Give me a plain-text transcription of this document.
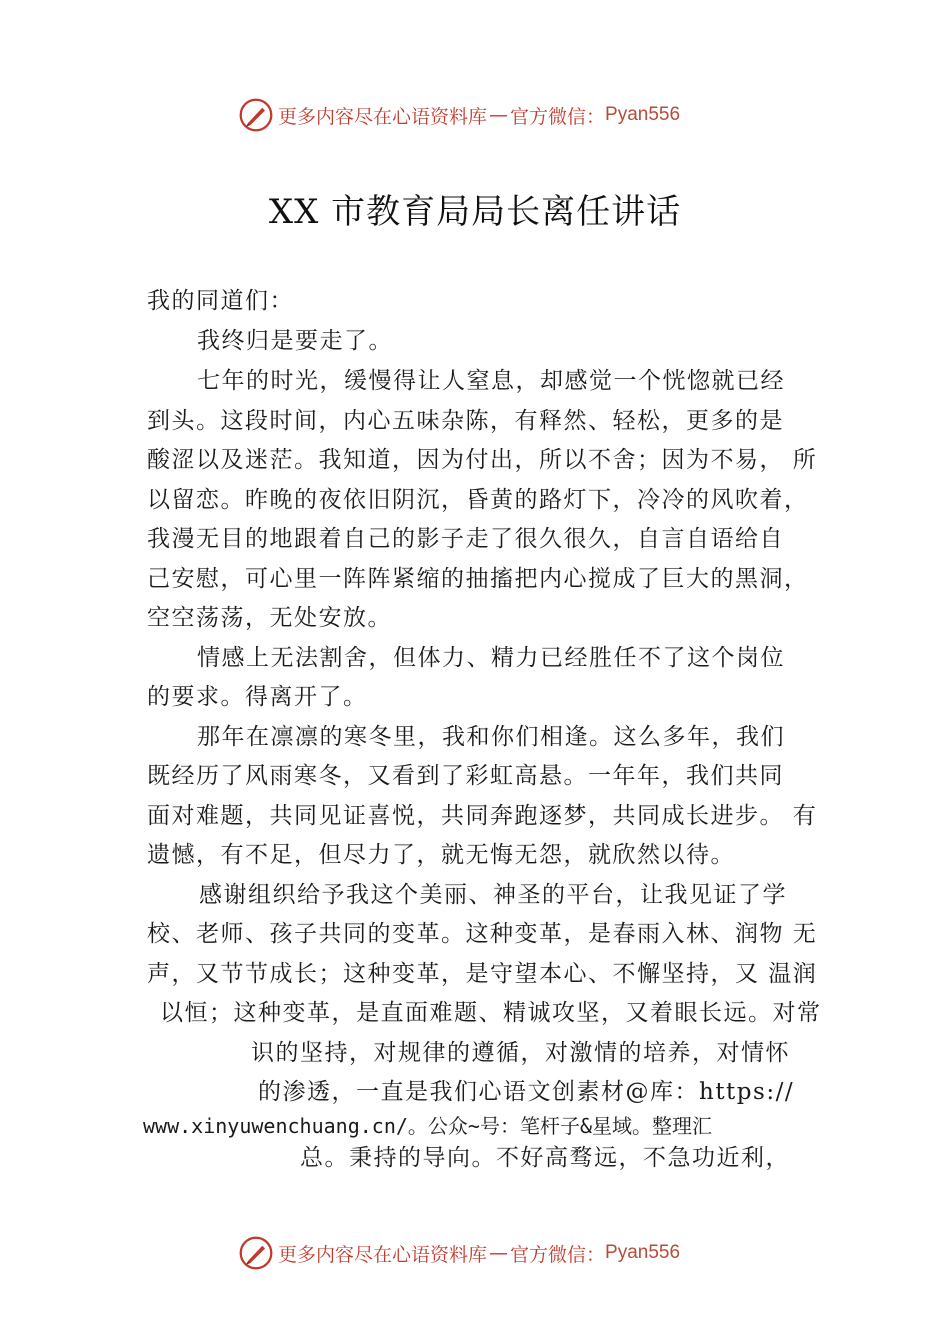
更多内容尽在心语资料库 — 官方微信： Pyan556
XX 市教育局局长离任讲话
我的同道们：
我终归是要走了。
七年的时光，缓慢得让人窒息，却感觉一个恍惚就已经
到头。这段时间，内心五味杂陈，有释然、轻松，更多的是
酸涩以及迷茫。我知道，因为付出，所以不舍；因为不易， 所
以留恋。昨晚的夜依旧阴沉，昏黄的路灯下，冷冷的风吹着，
我漫无目的地跟着自己的影子走了很久很久，自言自语给自
己安慰，可心里一阵阵紧缩的抽搐把内心搅成了巨大的黑洞，
空空荡荡，无处安放。
情感上无法割舍，但体力、精力已经胜任不了这个岗位
的要求。得离开了。
那年在凛凛的寒冬里，我和你们相逢。这么多年，我们
既经历了风雨寒冬，又看到了彩虹高悬。一年年，我们共同
面对难题，共同见证喜悦，共同奔跑逐梦，共同成长进步。 有
遗憾，有不足，但尽力了，就无悔无怨，就欣然以待。
感谢组织给予我这个美丽、神圣的平台，让我见证了学
校、老师、孩子共同的变革。这种变革，是春雨入林、润物 无
声，又节节成长；这种变革，是守望本心、不懈坚持，又 温润
以恒；这种变革，是直面难题、精诚攻坚，又着眼长远。对常
识的坚持，对规律的遵循，对激情的培养，对情怀
的渗透，一直是我们心语文创素材@库：https://
www.xinyuwenchuang.cn/。公众~号：笔杆子&星域。整理汇
总。秉持的导向。不好高骛远，不急功近利，
更多内容尽在心语资料库 — 官方微信： Pyan556
